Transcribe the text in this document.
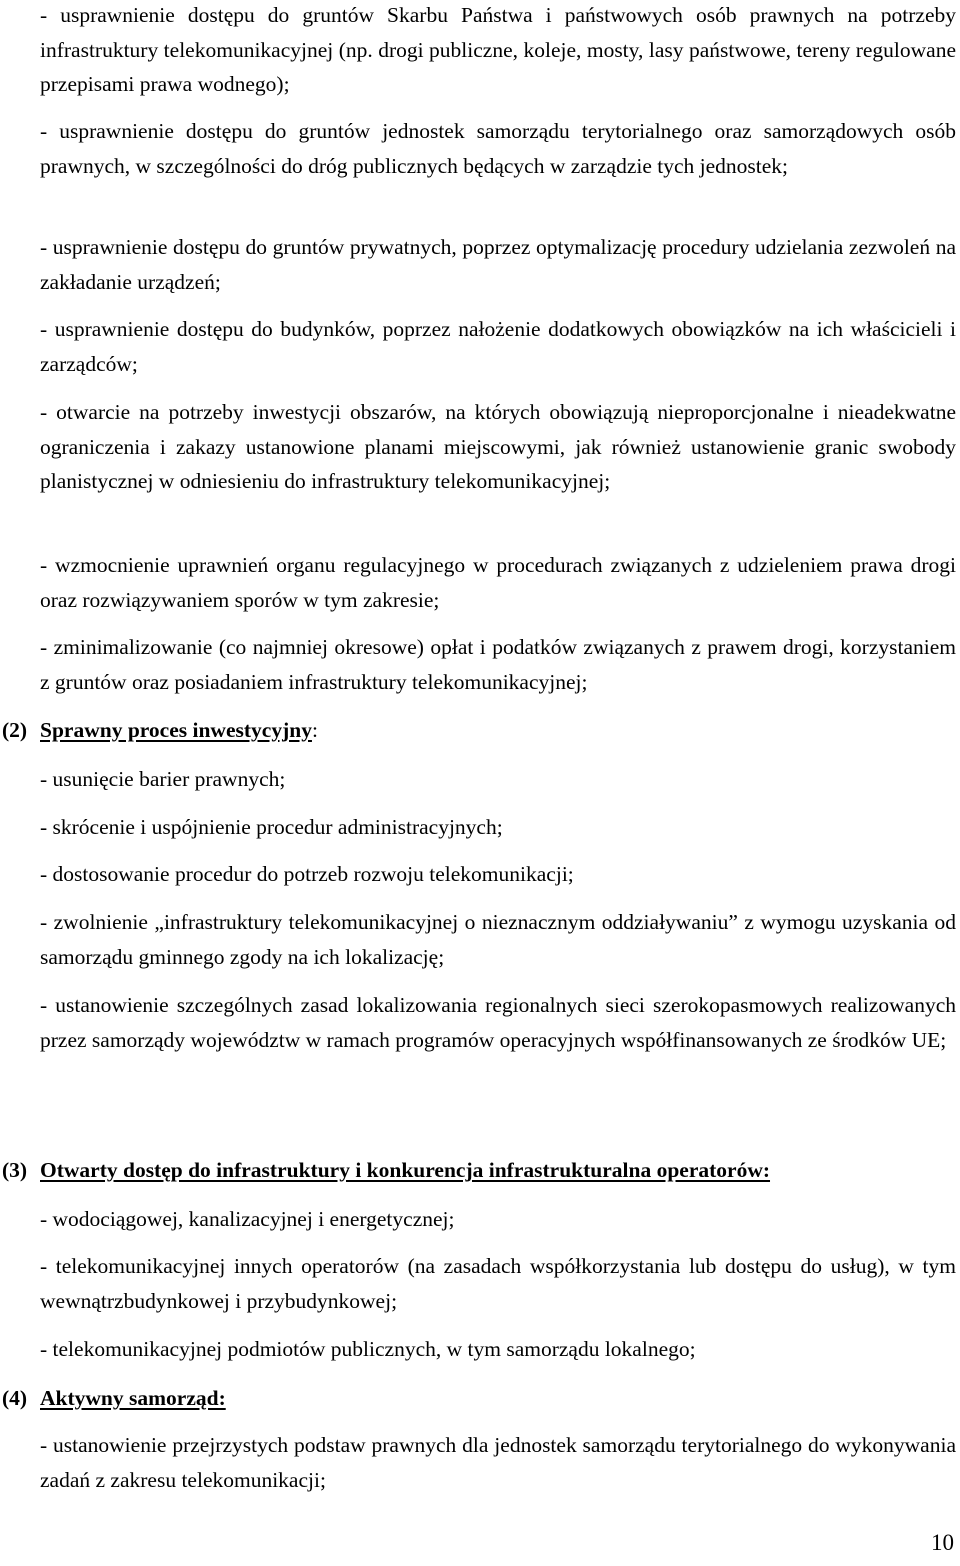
- usprawnienie dostępu do gruntów Skarbu Państwa i państwowych osób prawnych na potrzeby infrastruktury telekomunikacyjnej (np. drogi publiczne, koleje, mosty, lasy państwowe, tereny regulowane przepisami prawa wodnego);

- usprawnienie dostępu do gruntów jednostek samorządu terytorialnego oraz samorządowych osób prawnych, w szczególności do dróg publicznych będących w zarządzie tych jednostek;

- usprawnienie dostępu do gruntów prywatnych, poprzez optymalizację procedury udzielania zezwoleń na zakładanie urządzeń;

- usprawnienie dostępu do budynków, poprzez nałożenie dodatkowych obowiązków na ich właścicieli i zarządców;

- otwarcie na potrzeby inwestycji obszarów, na których obowiązują nieproporcjonalne i nieadekwatne ograniczenia i zakazy ustanowione planami miejscowymi, jak również ustanowienie granic swobody planistycznej w odniesieniu do infrastruktury telekomunikacyjnej;

- wzmocnienie uprawnień organu regulacyjnego w procedurach związanych z udzieleniem prawa drogi oraz rozwiązywaniem sporów w tym zakresie;

- zminimalizowanie (co najmniej okresowe) opłat i podatków związanych z prawem drogi, korzystaniem z gruntów oraz posiadaniem infrastruktury telekomunikacyjnej;

(2) Sprawny proces inwestycyjny:

- usunięcie barier prawnych;

- skrócenie i uspójnienie procedur administracyjnych;

- dostosowanie procedur do potrzeb rozwoju telekomunikacji;

- zwolnienie „infrastruktury telekomunikacyjnej o nieznacznym oddziaływaniu” z wymogu uzyskania od samorządu gminnego zgody na ich lokalizację;

- ustanowienie szczególnych zasad lokalizowania regionalnych sieci szerokopasmowych realizowanych przez samorządy województw w ramach programów operacyjnych współfinansowanych ze środków UE;

(3) Otwarty dostęp do infrastruktury i konkurencja infrastrukturalna operatorów:

- wodociągowej, kanalizacyjnej i energetycznej;

- telekomunikacyjnej innych operatorów (na zasadach współkorzystania lub dostępu do usług), w tym wewnątrzbudynkowej i przybudynkowej;

- telekomunikacyjnej podmiotów publicznych, w tym samorządu lokalnego;

(4) Aktywny samorząd:

- ustanowienie przejrzystych podstaw prawnych dla jednostek samorządu terytorialnego do wykonywania zadań z zakresu telekomunikacji;

10
